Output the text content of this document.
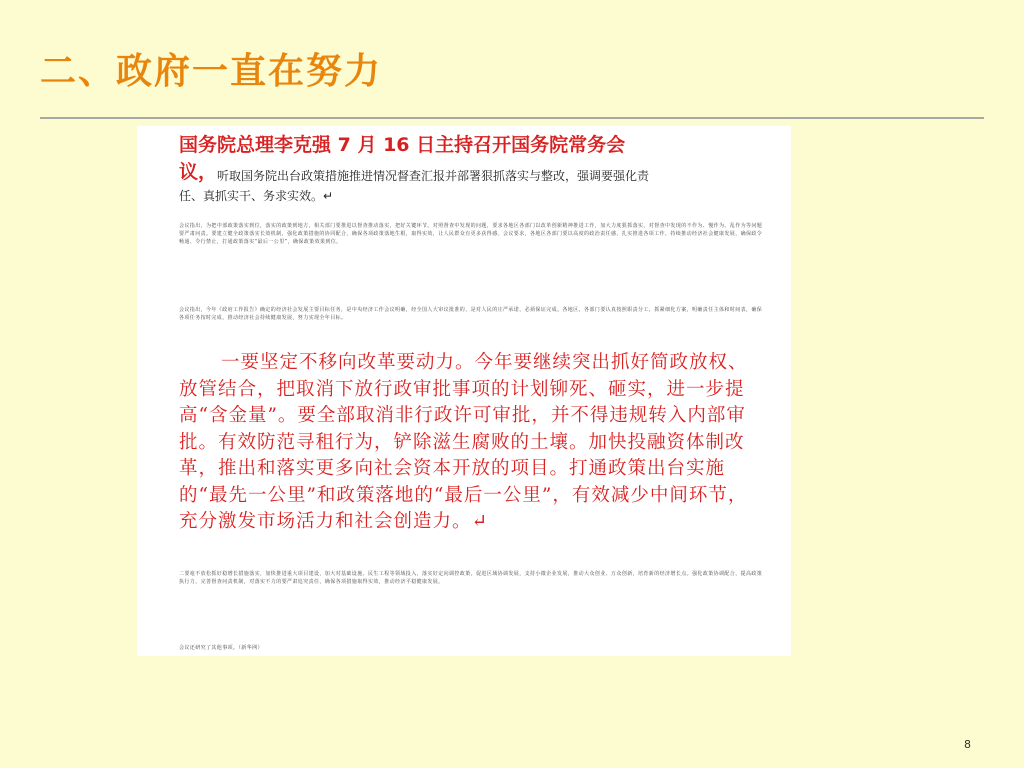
二、政府一直在努力
国务院总理李克强 7 月 16 日主持召开国务院常务会
议， 听取国务院出台政策措施推进情况督查汇报并部署狠抓落实与整改，强调要强化责
任、真抓实干、务求实效。↵
会议指出，为把中部政策落实到位，落实的政策到地方，相关部门要推进以督查推动落实，把好关键环节。对照督查中发现的问题，要求各地区各部门以改革创新精神推进工作，加大力度狠抓落实，对督查中发现的不作为、慢作为、乱作为等问题要严肃问责。要建立健全政策落实长效机制，强化政策措施的协同配合，确保各项政策落地生根，取得实效，让人民群众有更多获得感。会议要求，各地区各部门要以高度的政治责任感，扎实推进各项工作，持续推动经济社会健康发展，确保政令畅通、令行禁止，打通政策落实“最后一公里”，确保政策效果到位。
会议指出，今年《政府工作报告》确定的经济社会发展主要目标任务，是中央经济工作会议明确，经全国人大审议批准的，是对人民的庄严承诺，必须保证完成。各地区、各部门要认真按照职责分工，抓紧细化方案，明确责任主体和时间表，确保各项任务按时完成，推动经济社会持续健康发展，努力实现全年目标。
一要坚定不移向改革要动力。今年要继续突出抓好简政放权、放管结合，把取消下放行政审批事项的计划铆死、砸实，进一步提高“含金量”。要全部取消非行政许可审批，并不得违规转入内部审批。有效防范寻租行为，铲除滋生腐败的土壤。加快投融资体制改革，推出和落实更多向社会资本开放的项目。打通政策出台实施的“最先一公里”和政策落地的“最后一公里”，有效减少中间环节，充分激发市场活力和社会创造力。↵
二要毫不放松抓好稳增长措施落实，加快推进重大项目建设，加大对基础设施、民生工程等领域投入，落实好定向调控政策，促进区域协调发展，支持小微企业发展，推动大众创业、万众创新，培育新的经济增长点。强化政策协调配合，提高政策执行力，完善督查问责机制，对落实不力的要严肃追究责任，确保各项措施取得实效，推动经济平稳健康发展。
会议还研究了其他事项。（新华网）
8
